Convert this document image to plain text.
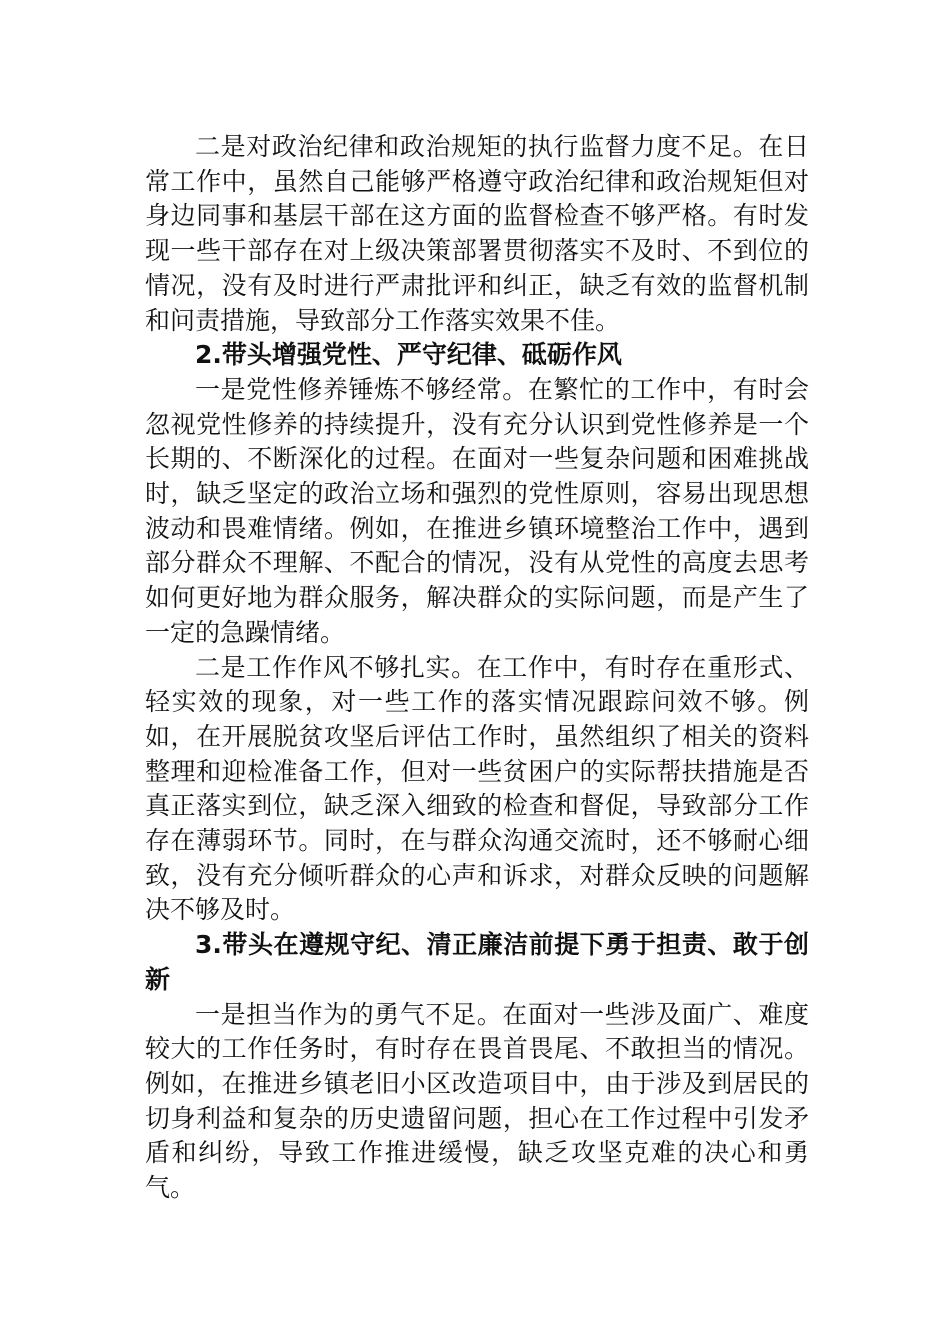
二是对政治纪律和政治规矩的执行监督力度不足。在日常工作中，虽然自己能够严格遵守政治纪律和政治规矩但对身边同事和基层干部在这方面的监督检查不够严格。有时发现一些干部存在对上级决策部署贯彻落实不及时、不到位的情况，没有及时进行严肃批评和纠正，缺乏有效的监督机制和问责措施，导致部分工作落实效果不佳。

2.带头增强党性、严守纪律、砥砺作风

一是党性修养锤炼不够经常。在繁忙的工作中，有时会忽视党性修养的持续提升，没有充分认识到党性修养是一个长期的、不断深化的过程。在面对一些复杂问题和困难挑战时，缺乏坚定的政治立场和强烈的党性原则，容易出现思想波动和畏难情绪。例如，在推进乡镇环境整治工作中，遇到部分群众不理解、不配合的情况，没有从党性的高度去思考如何更好地为群众服务，解决群众的实际问题，而是产生了一定的急躁情绪。

二是工作作风不够扎实。在工作中，有时存在重形式、轻实效的现象，对一些工作的落实情况跟踪问效不够。例如，在开展脱贫攻坚后评估工作时，虽然组织了相关的资料整理和迎检准备工作，但对一些贫困户的实际帮扶措施是否真正落实到位，缺乏深入细致的检查和督促，导致部分工作存在薄弱环节。同时，在与群众沟通交流时，还不够耐心细致，没有充分倾听群众的心声和诉求，对群众反映的问题解决不够及时。

3.带头在遵规守纪、清正廉洁前提下勇于担责、敢于创新

一是担当作为的勇气不足。在面对一些涉及面广、难度较大的工作任务时，有时存在畏首畏尾、不敢担当的情况。例如，在推进乡镇老旧小区改造项目中，由于涉及到居民的切身利益和复杂的历史遗留问题，担心在工作过程中引发矛盾和纠纷，导致工作推进缓慢，缺乏攻坚克难的决心和勇气。
